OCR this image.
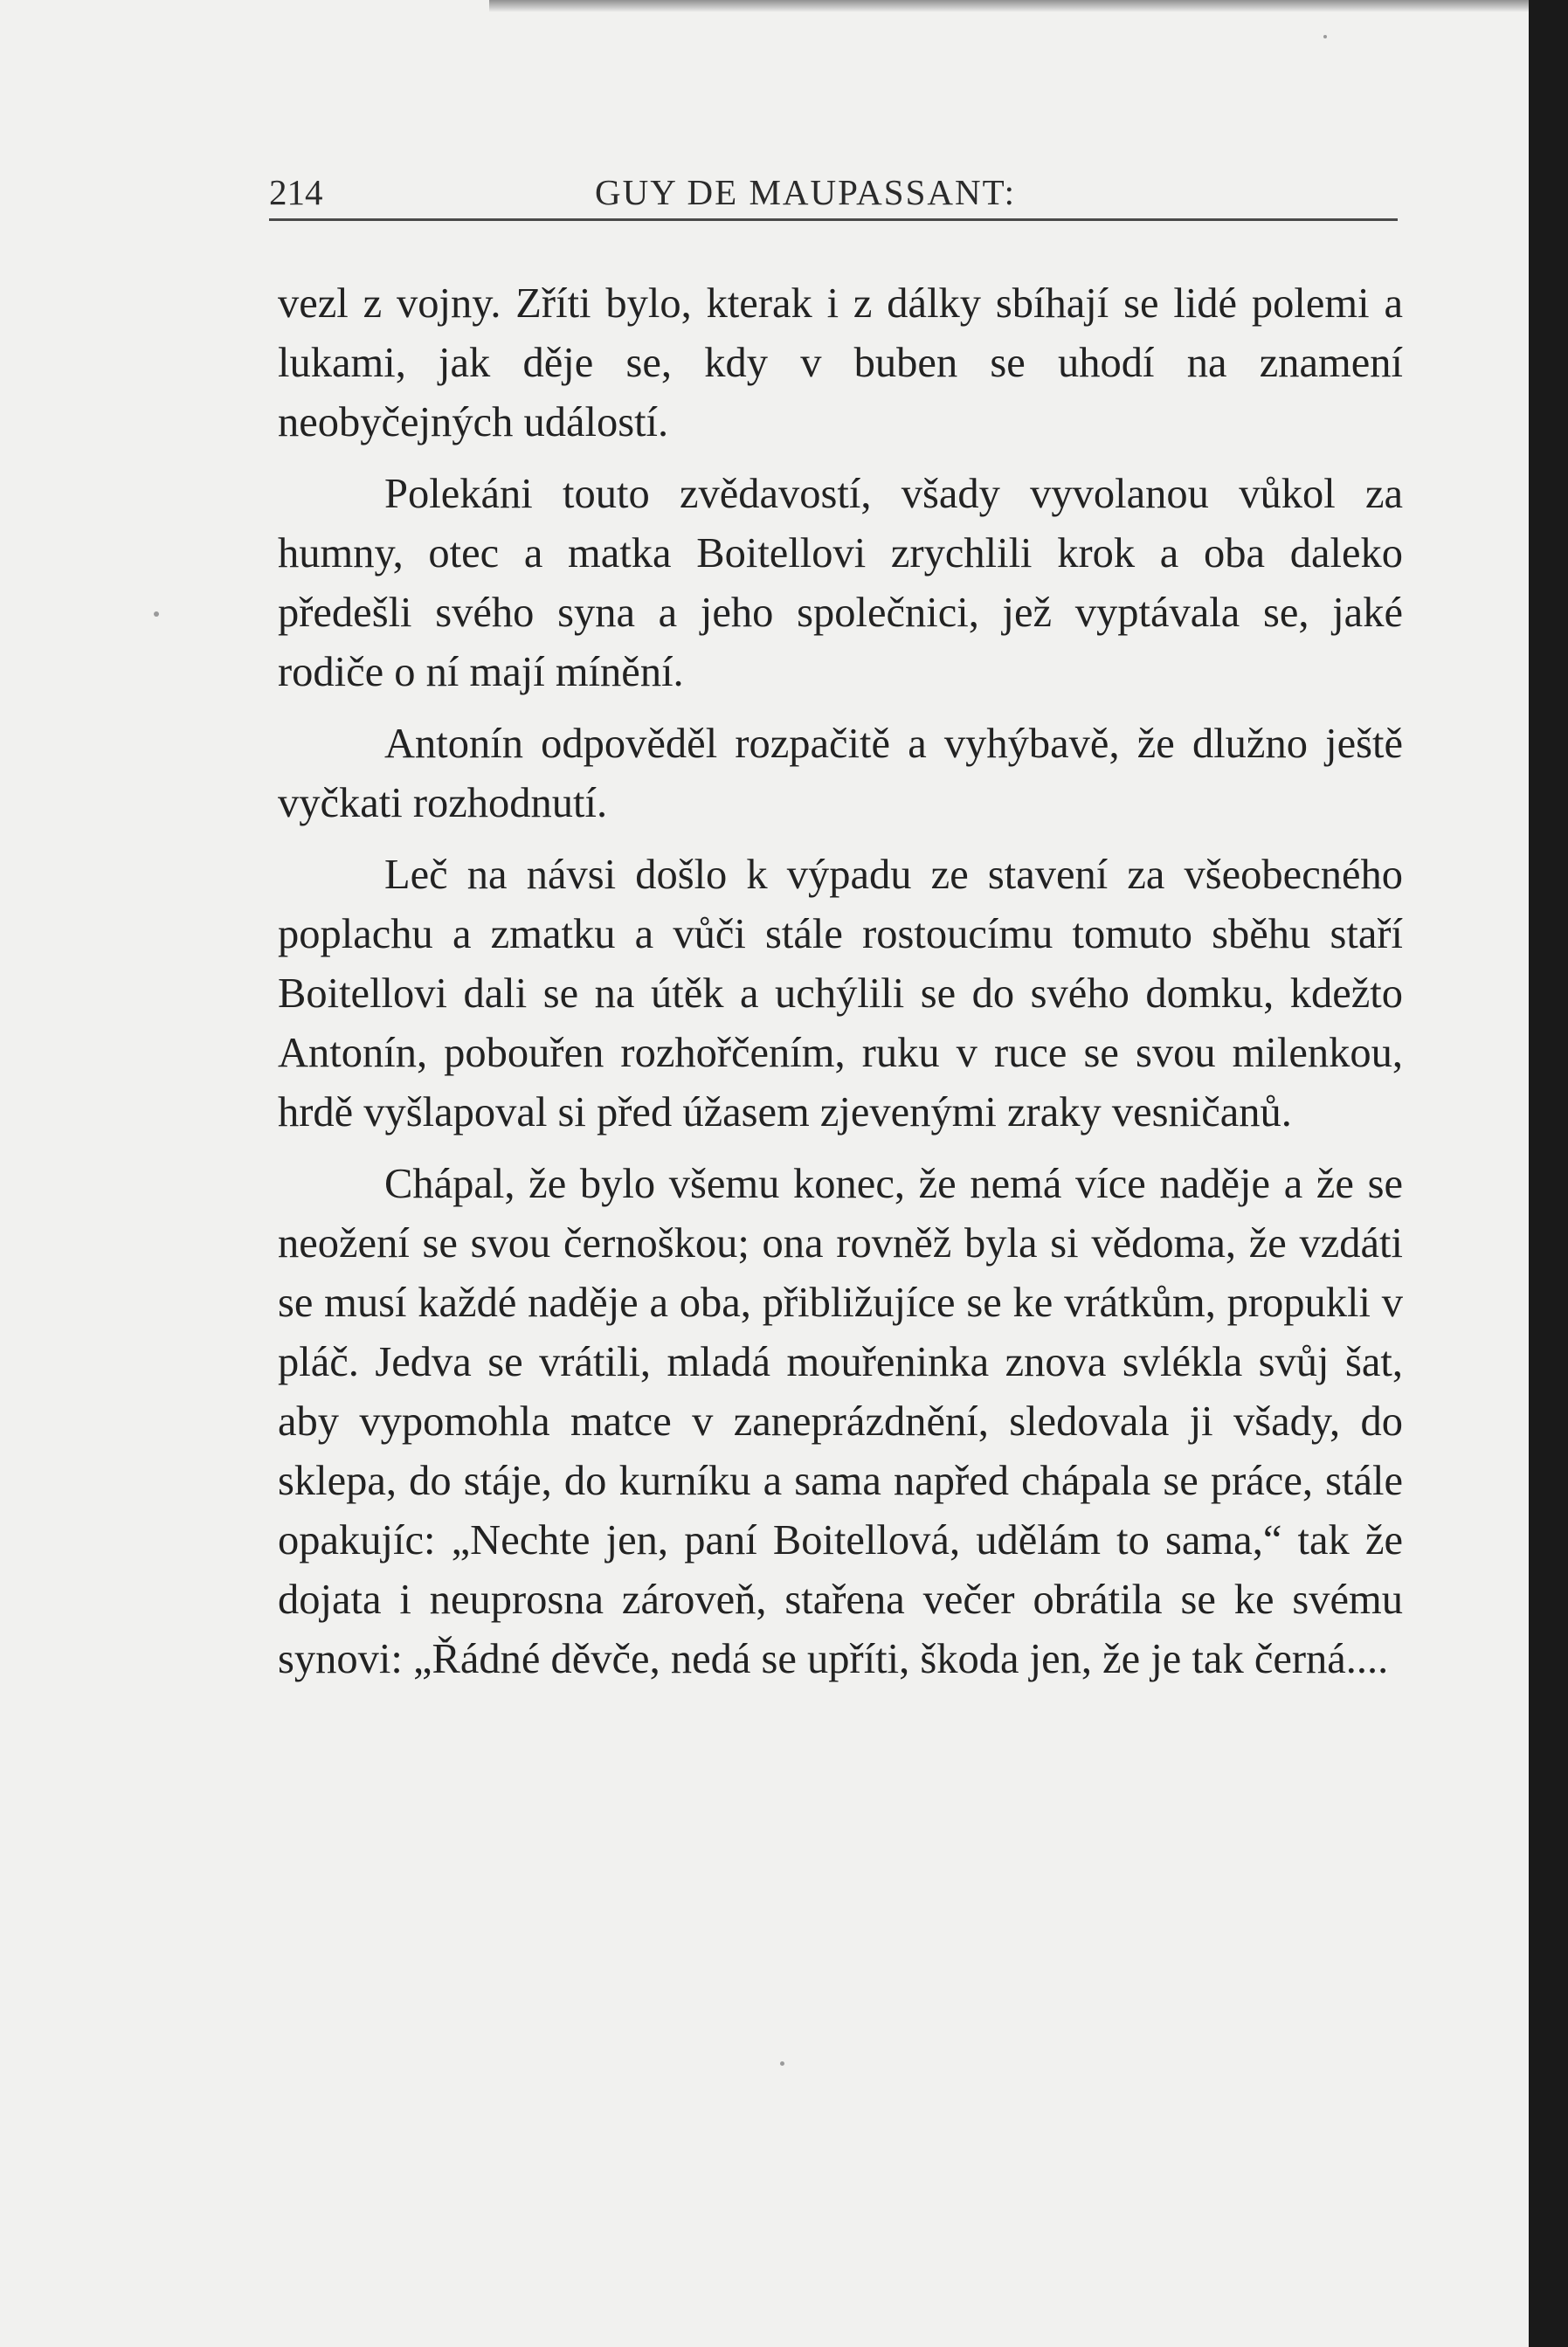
214	GUY DE MAUPASSANT:

vezl z vojny. Zříti bylo, kterak i z dálky sbíhají se lidé polemi a lukami, jak děje se, kdy v buben se uhodí na znamení neobyčejných událostí.

Polekáni touto zvědavostí, všady vyvolanou vůkol za humny, otec a matka Boitellovi zrychlili krok a oba daleko předešli svého syna a jeho společnici, jež vyptávala se, jaké rodiče o ní mají mínění.

Antonín odpověděl rozpačitě a vyhýbavě, že dlužno ještě vyčkati rozhodnutí.

Leč na návsi došlo k výpadu ze stavení za všeobecného poplachu a zmatku a vůči stále rostoucímu tomuto sběhu staří Boitellovi dali se na útěk a uchýlili se do svého domku, kdežto Antonín, pobouřen rozhořčením, ruku v ruce se svou milenkou, hrdě vyšlapoval si před úžasem zjevenými zraky vesničanů.

Chápal, že bylo všemu konec, že nemá více naděje a že se neožení se svou černoškou; ona rovněž byla si vědoma, že vzdáti se musí každé naděje a oba, přibližujíce se ke vrátkům, propukli v pláč. Jedva se vrátili, mladá mouřeninka znova svlékla svůj šat, aby vypomohla matce v zaneprázdnění, sledovala ji všady, do sklepa, do stáje, do kurníku a sama napřed chápala se práce, stále opakujíc: „Nechte jen, paní Boitellová, udělám to sama,“ tak že dojata i neuprosna zároveň, stařena večer obrátila se ke svému synovi: „Řádné děvče, nedá se upříti, škoda jen, že je tak černá....
